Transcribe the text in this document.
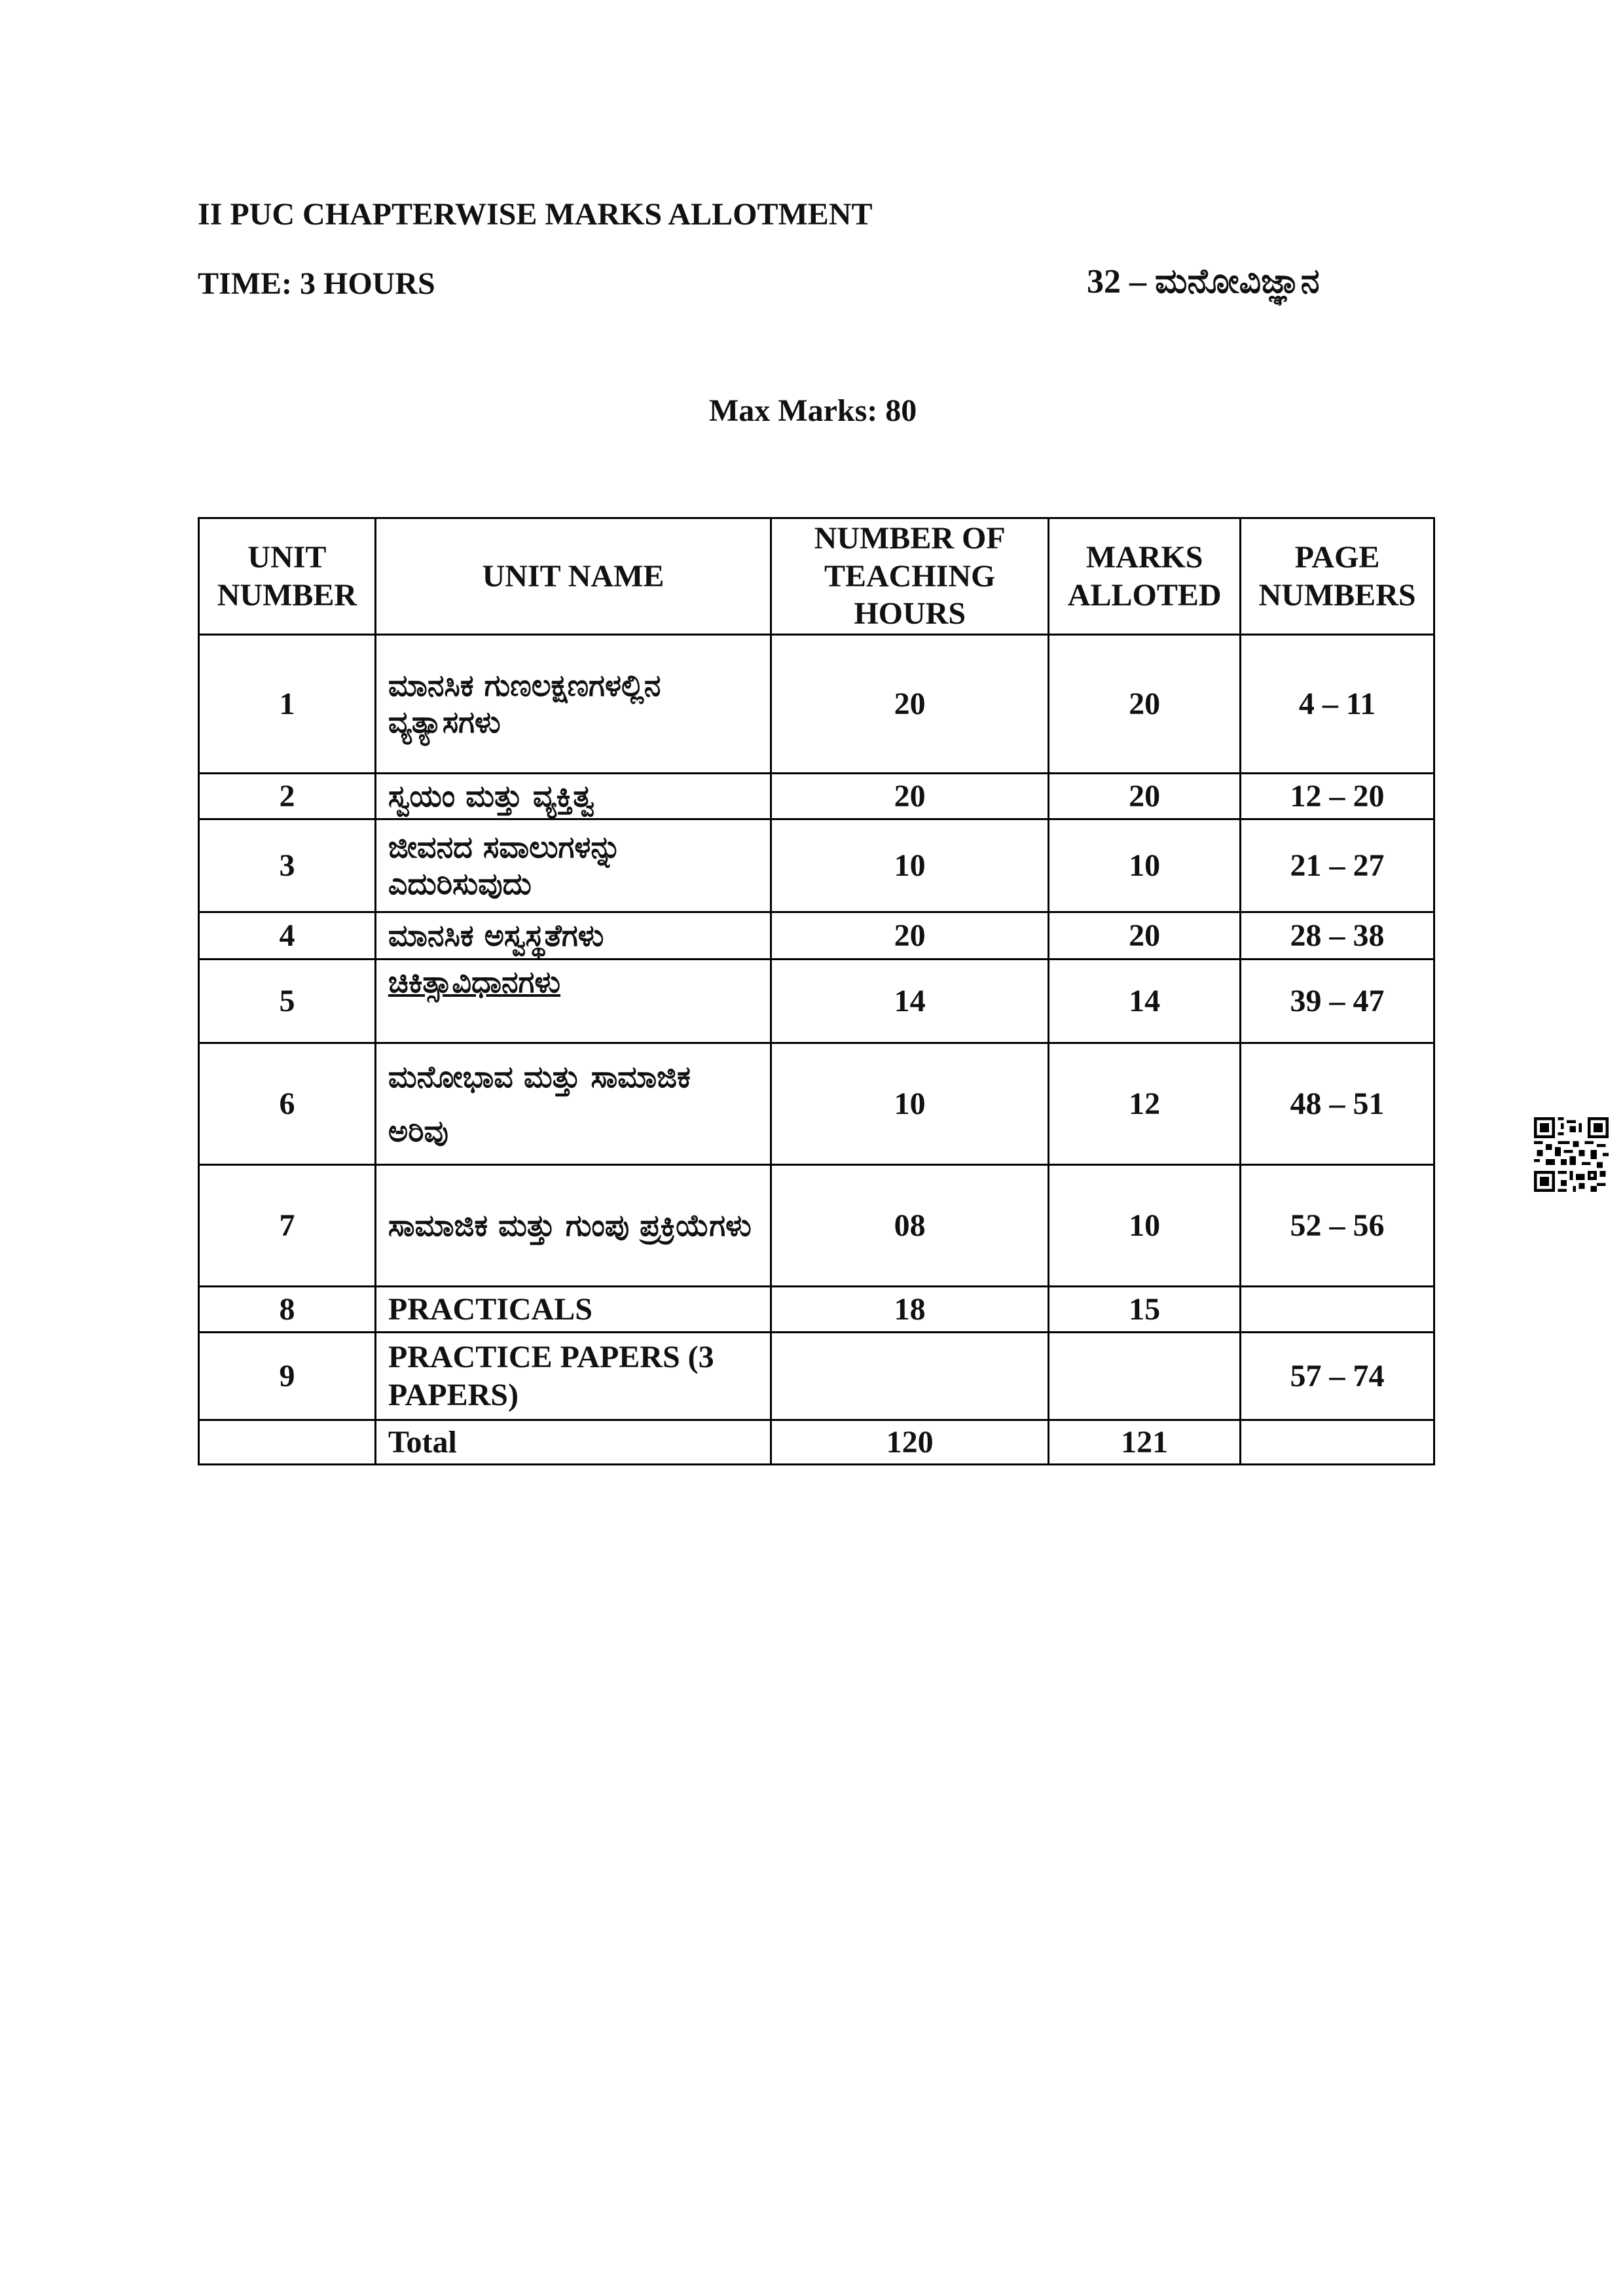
II PUC CHAPTERWISE MARKS ALLOTMENT
TIME: 3 HOURS	32 – ಮನೋವಿಜ್ಞಾನ
Max Marks: 80
UNIT NUMBER	UNIT NAME	NUMBER OF TEACHING HOURS	MARKS ALLOTED	PAGE NUMBERS
1	ಮಾನಸಿಕ ಗುಣಲಕ್ಷಣಗಳಲ್ಲಿನ ವ್ಯತ್ಯಾಸಗಳು	20	20	4 – 11
2	ಸ್ವಯಂ ಮತ್ತು ವ್ಯಕ್ತಿತ್ವ	20	20	12 – 20
3	ಜೀವನದ ಸವಾಲುಗಳನ್ನು ಎದುರಿಸುವುದು	10	10	21 – 27
4	ಮಾನಸಿಕ ಅಸ್ವಸ್ಥತೆಗಳು	20	20	28 – 38
5	ಚಿಕಿತ್ಸಾವಿಧಾನಗಳು	14	14	39 – 47
6	ಮನೋಭಾವ ಮತ್ತು ಸಾಮಾಜಿಕ ಅರಿವು	10	12	48 – 51
7	ಸಾಮಾಜಿಕ ಮತ್ತು ಗುಂಪು ಪ್ರಕ್ರಿಯೆಗಳು	08	10	52 – 56
8	PRACTICALS	18	15	
9	PRACTICE PAPERS (3 PAPERS)			57 – 74
	Total	120	121	
